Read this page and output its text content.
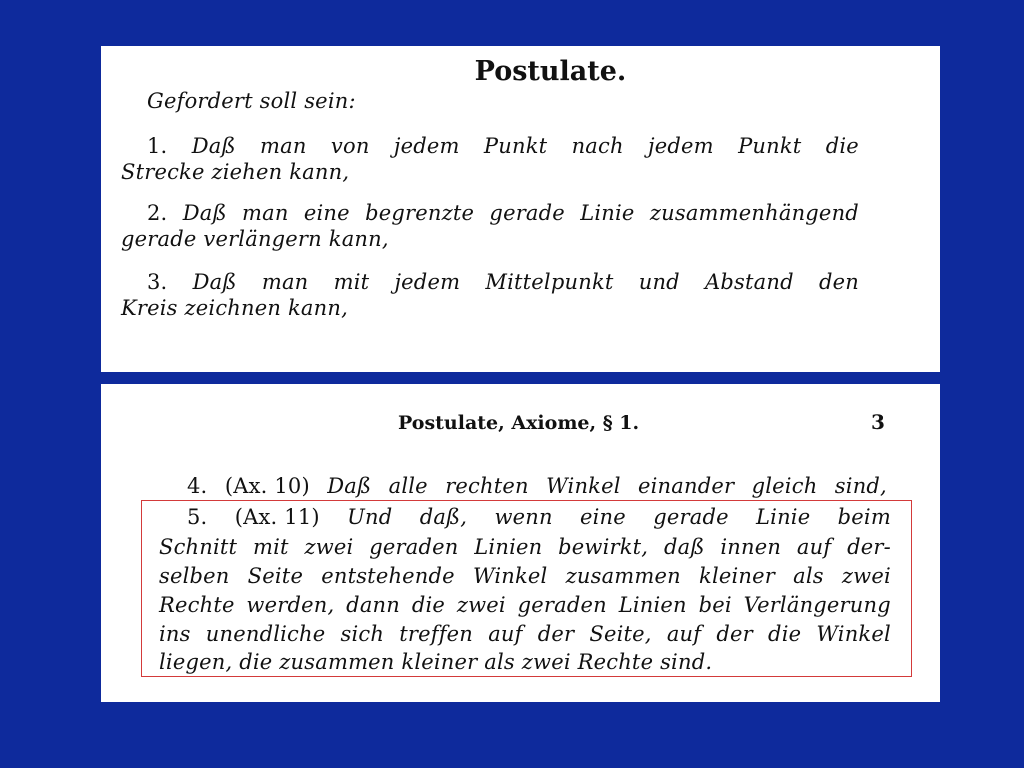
Postulate.
Gefordert soll sein:
1. Daß man von jedem Punkt nach jedem Punkt die
Strecke ziehen kann,
2. Daß man eine begrenzte gerade Linie zusammenhängend
gerade verlängern kann,
3. Daß man mit jedem Mittelpunkt und Abstand den
Kreis zeichnen kann,
Postulate, Axiome, § 1.	3
4. (Ax. 10) Daß alle rechten Winkel einander gleich sind,
5. (Ax. 11) Und daß, wenn eine gerade Linie beim
Schnitt mit zwei geraden Linien bewirkt, daß innen auf der-
selben Seite entstehende Winkel zusammen kleiner als zwei
Rechte werden, dann die zwei geraden Linien bei Verlängerung
ins unendliche sich treffen auf der Seite, auf der die Winkel
liegen, die zusammen kleiner als zwei Rechte sind.
